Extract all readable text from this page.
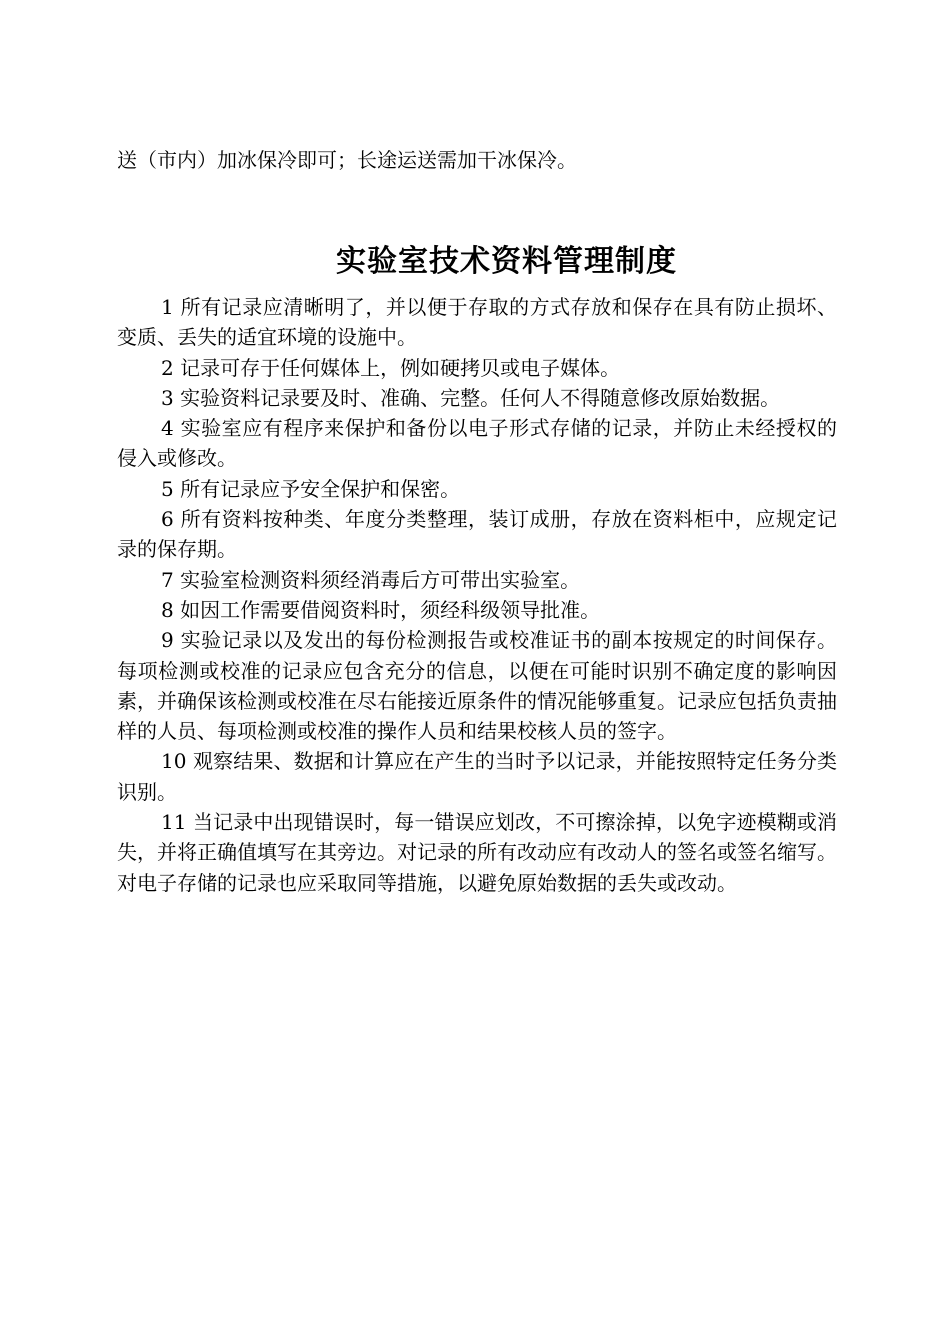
送（市内）加冰保冷即可；长途运送需加干冰保冷。
实验室技术资料管理制度

1 所有记录应清晰明了，并以便于存取的方式存放和保存在具有防止损坏、变质、丢失的适宜环境的设施中。

2 记录可存于任何媒体上，例如硬拷贝或电子媒体。

3 实验资料记录要及时、准确、完整。任何人不得随意修改原始数据。

4 实验室应有程序来保护和备份以电子形式存储的记录，并防止未经授权的侵入或修改。

5 所有记录应予安全保护和保密。

6 所有资料按种类、年度分类整理，装订成册，存放在资料柜中，应规定记录的保存期。

7 实验室检测资料须经消毒后方可带出实验室。

8 如因工作需要借阅资料时，须经科级领导批准。

9 实验记录以及发出的每份检测报告或校准证书的副本按规定的时间保存。每项检测或校准的记录应包含充分的信息，以便在可能时识别不确定度的影响因素，并确保该检测或校准在尽右能接近原条件的情况能够重复。记录应包括负责抽样的人员、每项检测或校准的操作人员和结果校核人员的签字。

10 观察结果、数据和计算应在产生的当时予以记录，并能按照特定任务分类识别。

11 当记录中出现错误时，每一错误应划改，不可擦涂掉，以免字迹模糊或消失，并将正确值填写在其旁边。对记录的所有改动应有改动人的签名或签名缩写。对电子存储的记录也应采取同等措施，以避免原始数据的丢失或改动。
